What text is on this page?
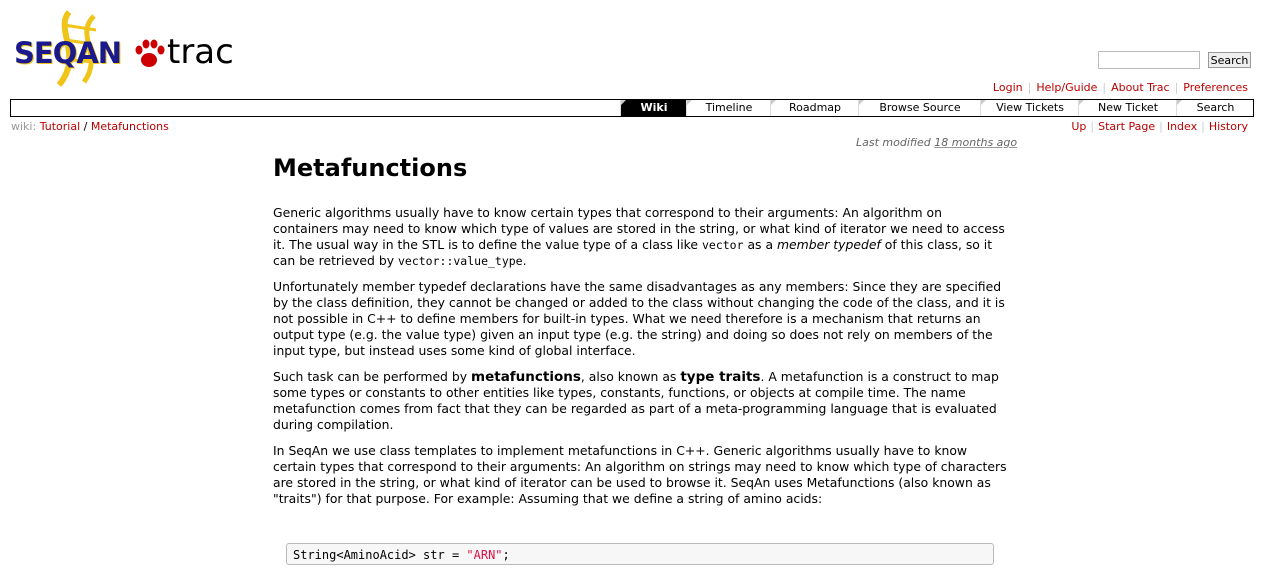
SEQAN trac	Search
Login | Help/Guide | About Trac | Preferences
Wiki	Timeline	Roadmap	Browse Source	View Tickets	New Ticket	Search
wiki: Tutorial / Metafunctions	Up | Start Page | Index | History
Last modified 18 months ago
Metafunctions

Generic algorithms usually have to know certain types that correspond to their arguments: An algorithm on containers may need to know which type of values are stored in the string, or what kind of iterator we need to access it. The usual way in the STL is to define the value type of a class like vector as a member typedef of this class, so it can be retrieved by vector::value_type.

Unfortunately member typedef declarations have the same disadvantages as any members: Since they are specified by the class definition, they cannot be changed or added to the class without changing the code of the class, and it is not possible in C++ to define members for built-in types. What we need therefore is a mechanism that returns an output type (e.g. the value type) given an input type (e.g. the string) and doing so does not rely on members of the input type, but instead uses some kind of global interface.

Such task can be performed by metafunctions, also known as type traits. A metafunction is a construct to map some types or constants to other entities like types, constants, functions, or objects at compile time. The name metafunction comes from fact that they can be regarded as part of a meta-programming language that is evaluated during compilation.

In SeqAn we use class templates to implement metafunctions in C++. Generic algorithms usually have to know certain types that correspond to their arguments: An algorithm on strings may need to know which type of characters are stored in the string, or what kind of iterator can be used to browse it. SeqAn uses Metafunctions (also known as "traits") for that purpose. For example: Assuming that we define a string of amino acids:

String<AminoAcid> str = "ARN";
